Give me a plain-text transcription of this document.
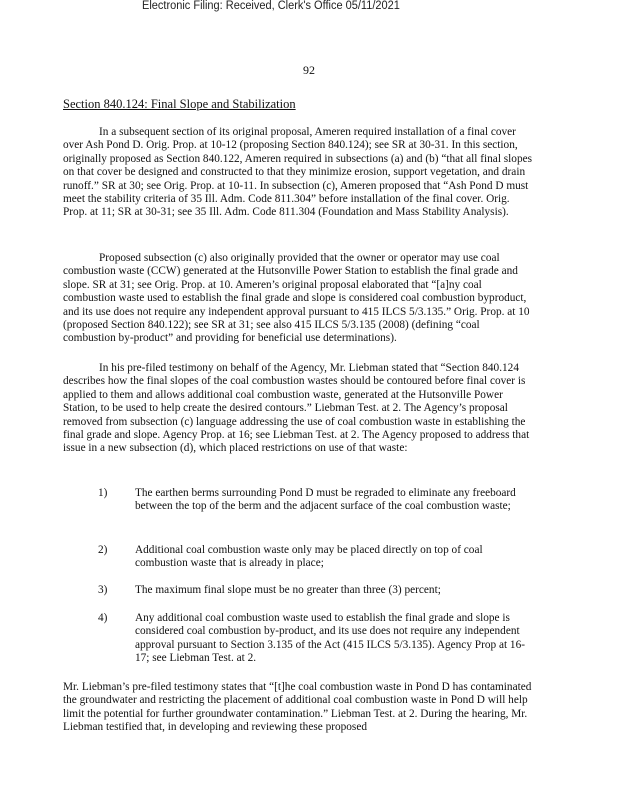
Electronic Filing: Received, Clerk's Office 05/11/2021
92
Section 840.124: Final Slope and Stabilization

In a subsequent section of its original proposal, Ameren required installation of a final cover over Ash Pond D. Orig. Prop. at 10-12 (proposing Section 840.124); see SR at 30-31. In this section, originally proposed as Section 840.122, Ameren required in subsections (a) and (b) “that all final slopes on that cover be designed and constructed to that they minimize erosion, support vegetation, and drain runoff.” SR at 30; see Orig. Prop. at 10-11. In subsection (c), Ameren proposed that “Ash Pond D must meet the stability criteria of 35 Ill. Adm. Code 811.304” before installation of the final cover. Orig. Prop. at 11; SR at 30-31; see 35 Ill. Adm. Code 811.304 (Foundation and Mass Stability Analysis).

Proposed subsection (c) also originally provided that the owner or operator may use coal combustion waste (CCW) generated at the Hutsonville Power Station to establish the final grade and slope. SR at 31; see Orig. Prop. at 10. Ameren’s original proposal elaborated that “[a]ny coal combustion waste used to establish the final grade and slope is considered coal combustion byproduct, and its use does not require any independent approval pursuant to 415 ILCS 5/3.135.” Orig. Prop. at 10 (proposed Section 840.122); see SR at 31; see also 415 ILCS 5/3.135 (2008) (defining “coal combustion by-product” and providing for beneficial use determinations).

In his pre-filed testimony on behalf of the Agency, Mr. Liebman stated that “Section 840.124 describes how the final slopes of the coal combustion wastes should be contoured before final cover is applied to them and allows additional coal combustion waste, generated at the Hutsonville Power Station, to be used to help create the desired contours.” Liebman Test. at 2. The Agency’s proposal removed from subsection (c) language addressing the use of coal combustion waste in establishing the final grade and slope. Agency Prop. at 16; see Liebman Test. at 2. The Agency proposed to address that issue in a new subsection (d), which placed restrictions on use of that waste:

1)	The earthen berms surrounding Pond D must be regraded to eliminate any freeboard between the top of the berm and the adjacent surface of the coal combustion waste;
2)	Additional coal combustion waste only may be placed directly on top of coal combustion waste that is already in place;
3)	The maximum final slope must be no greater than three (3) percent;
4)	Any additional coal combustion waste used to establish the final grade and slope is considered coal combustion by-product, and its use does not require any independent approval pursuant to Section 3.135 of the Act (415 ILCS 5/3.135). Agency Prop at 16-17; see Liebman Test. at 2.

Mr. Liebman’s pre-filed testimony states that “[t]he coal combustion waste in Pond D has contaminated the groundwater and restricting the placement of additional coal combustion waste in Pond D will help limit the potential for further groundwater contamination.” Liebman Test. at 2. During the hearing, Mr. Liebman testified that, in developing and reviewing these proposed
